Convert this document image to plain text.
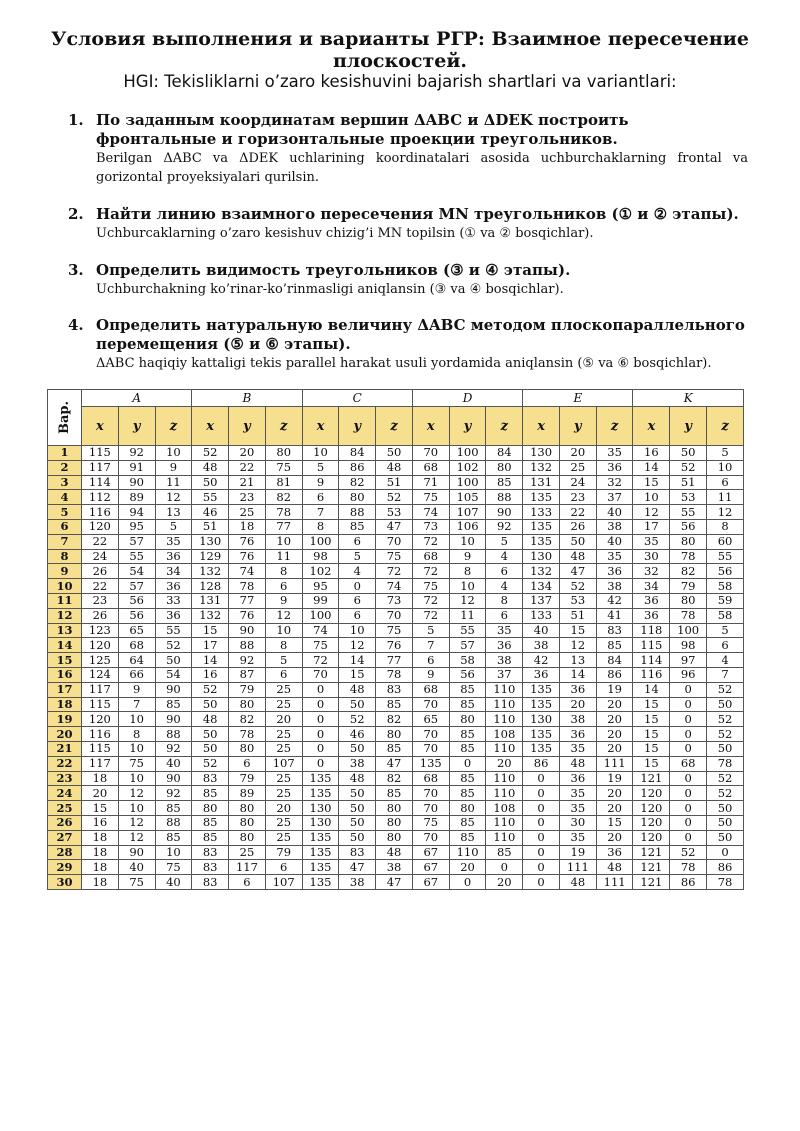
Условия выполнения и варианты РГР: Взаимное пересечение плоскостей.
HGI: Tekisliklarni o’zaro kesishuvini bajarish shartlari va variantlari:
1. По заданным координатам вершин ΔABC и ΔDEK построить фронтальные и горизонтальные проекции треугольников.
Berilgan ΔABC va ΔDEK uchlarining koordinatalari asosida uchburchaklarning frontal va gorizontal proyeksiyalari qurilsin.
2. Найти линию взаимного пересечения MN треугольников (① и ② этапы).
Uchburcaklarning o’zaro kesishuv chizig’i MN topilsin (① va ② bosqichlar).
3. Определить видимость треугольников (③ и ④ этапы).
Uchburchakning ko’rinar-ko’rinmasligi aniqlansin (③ va ④ bosqichlar).
4. Определить натуральную величину ΔABC методом плоскопараллельного перемещения (⑤ и ⑥ этапы).
ΔABC haqiqiy kattaligi tekis parallel harakat usuli yordamida aniqlansin (⑤ va ⑥ bosqichlar).
Вар.	A			B			C			D			E			K		
	x	y	z	x	y	z	x	y	z	x	y	z	x	y	z	x	y	z
1	115	92	10	52	20	80	10	84	50	70	100	84	130	20	35	16	50	5
2	117	91	9	48	22	75	5	86	48	68	102	80	132	25	36	14	52	10
3	114	90	11	50	21	81	9	82	51	71	100	85	131	24	32	15	51	6
4	112	89	12	55	23	82	6	80	52	75	105	88	135	23	37	10	53	11
5	116	94	13	46	25	78	7	88	53	74	107	90	133	22	40	12	55	12
6	120	95	5	51	18	77	8	85	47	73	106	92	135	26	38	17	56	8
7	22	57	35	130	76	10	100	6	70	72	10	5	135	50	40	35	80	60
8	24	55	36	129	76	11	98	5	75	68	9	4	130	48	35	30	78	55
9	26	54	34	132	74	8	102	4	72	72	8	6	132	47	36	32	82	56
10	22	57	36	128	78	6	95	0	74	75	10	4	134	52	38	34	79	58
11	23	56	33	131	77	9	99	6	73	72	12	8	137	53	42	36	80	59
12	26	56	36	132	76	12	100	6	70	72	11	6	133	51	41	36	78	58
13	123	65	55	15	90	10	74	10	75	5	55	35	40	15	83	118	100	5
14	120	68	52	17	88	8	75	12	76	7	57	36	38	12	85	115	98	6
15	125	64	50	14	92	5	72	14	77	6	58	38	42	13	84	114	97	4
16	124	66	54	16	87	6	70	15	78	9	56	37	36	14	86	116	96	7
17	117	9	90	52	79	25	0	48	83	68	85	110	135	36	19	14	0	52
18	115	7	85	50	80	25	0	50	85	70	85	110	135	20	20	15	0	50
19	120	10	90	48	82	20	0	52	82	65	80	110	130	38	20	15	0	52
20	116	8	88	50	78	25	0	46	80	70	85	108	135	36	20	15	0	52
21	115	10	92	50	80	25	0	50	85	70	85	110	135	35	20	15	0	50
22	117	75	40	52	6	107	0	38	47	135	0	20	86	48	111	15	68	78
23	18	10	90	83	79	25	135	48	82	68	85	110	0	36	19	121	0	52
24	20	12	92	85	89	25	135	50	85	70	85	110	0	35	20	120	0	52
25	15	10	85	80	80	20	130	50	80	70	80	108	0	35	20	120	0	50
26	16	12	88	85	80	25	130	50	80	75	85	110	0	30	15	120	0	50
27	18	12	85	85	80	25	135	50	80	70	85	110	0	35	20	120	0	50
28	18	90	10	83	25	79	135	83	48	67	110	85	0	19	36	121	52	0
29	18	40	75	83	117	6	135	47	38	67	20	0	0	111	48	121	78	86
30	18	75	40	83	6	107	135	38	47	67	0	20	0	48	111	121	86	78
